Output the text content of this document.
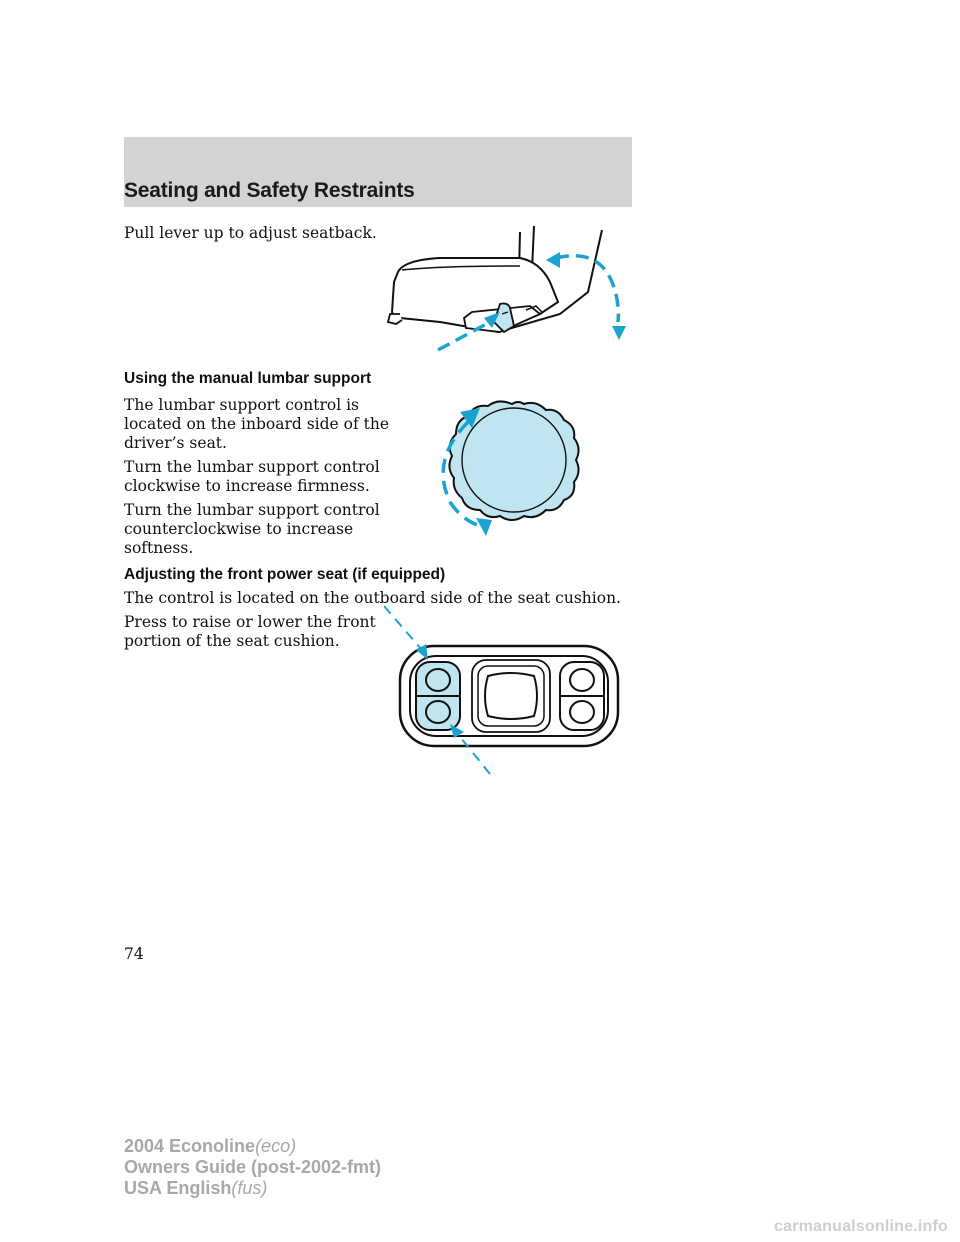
Seating and Safety Restraints
Pull lever up to adjust seatback.
Using the manual lumbar support
The lumbar support control is
located on the inboard side of the
driver’s seat.
Turn the lumbar support control
clockwise to increase firmness.
Turn the lumbar support control
counterclockwise to increase
softness.
Adjusting the front power seat (if equipped)
The control is located on the outboard side of the seat cushion.
Press to raise or lower the front
portion of the seat cushion.
74
2004 Econoline(eco)
Owners Guide (post-2002-fmt)
USA English(fus)
carmanualsonline.info
